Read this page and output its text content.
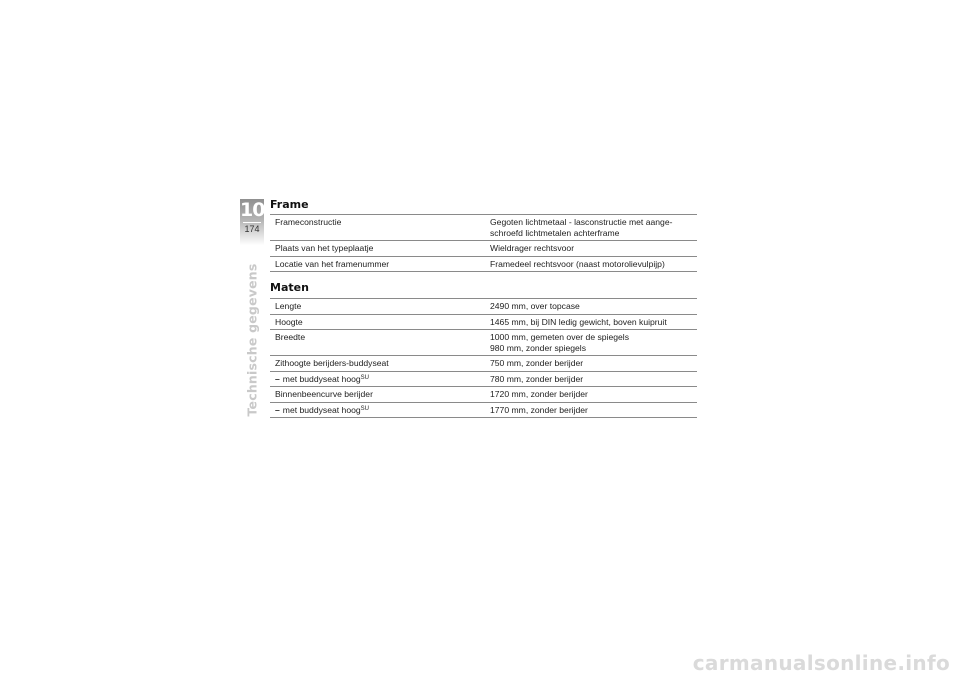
10
174
Technische gegevens
Frame
Frameconstructie	Gegoten lichtmetaal - lasconstructie met aange-
schroefd lichtmetalen achterframe

Plaats van het typeplaatje	Wieldrager rechtsvoor

Locatie van het framenummer	Framedeel rechtsvoor (naast motorolievulpijp)
Maten
Lengte	2490 mm, over topcase

Hoogte	1465 mm, bij DIN ledig gewicht, boven kuipruit

Breedte	1000 mm, gemeten over de spiegels
980 mm, zonder spiegels

Zithoogte berijders-buddyseat	750 mm, zonder berijder

– met buddyseat hoog$^{SU}$	780 mm, zonder berijder

Binnenbeencurve berijder	1720 mm, zonder berijder

– met buddyseat hoog$^{SU}$	1770 mm, zonder berijder
carmanualsonline.info
